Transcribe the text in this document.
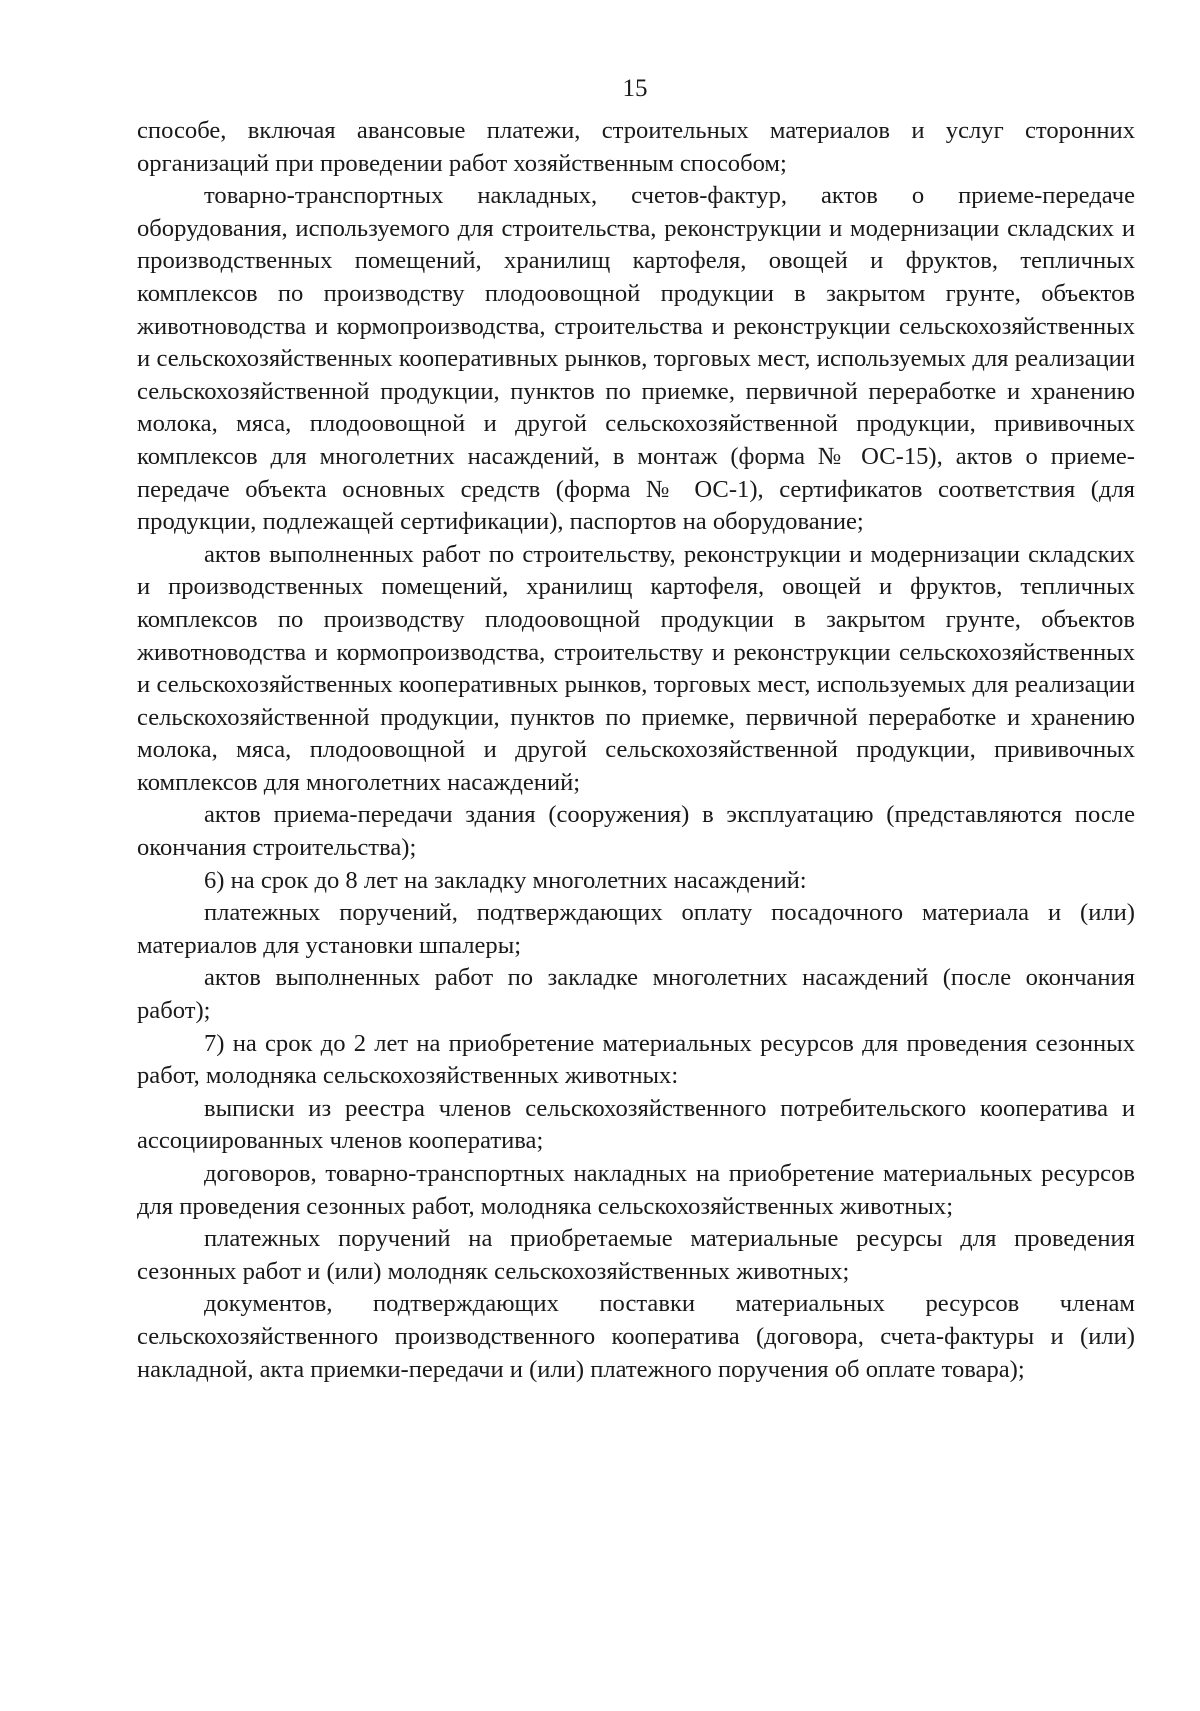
15

способе, включая авансовые платежи, строительных материалов и услуг сторонних организаций при проведении работ хозяйственным способом;

товарно-транспортных накладных, счетов-фактур, актов о приеме-передаче оборудования, используемого для строительства, реконструкции и модернизации складских и производственных помещений, хранилищ картофеля, овощей и фруктов, тепличных комплексов по производству плодоовощной продукции в закрытом грунте, объектов животноводства и кормопроизводства, строительства и реконструкции сельскохозяйственных и сельскохозяйственных кооперативных рынков, торговых мест, используемых для реализации сельскохозяйственной продукции, пунктов по приемке, первичной переработке и хранению молока, мяса, плодоовощной и другой сельскохозяйственной продукции, прививочных комплексов для многолетних насаждений, в монтаж (форма № ОС-15), актов о приеме-передаче объекта основных средств (форма № ОС-1), сертификатов соответствия (для продукции, подлежащей сертификации), паспортов на оборудование;

актов выполненных работ по строительству, реконструкции и модернизации складских и производственных помещений, хранилищ картофеля, овощей и фруктов, тепличных комплексов по производству плодоовощной продукции в закрытом грунте, объектов животноводства и кормопроизводства, строительству и реконструкции сельскохозяйственных и сельскохозяйственных кооперативных рынков, торговых мест, используемых для реализации сельскохозяйственной продукции, пунктов по приемке, первичной переработке и хранению молока, мяса, плодоовощной и другой сельскохозяйственной продукции, прививочных комплексов для многолетних насаждений;

актов приема-передачи здания (сооружения) в эксплуатацию (представляются после окончания строительства);

6) на срок до 8 лет на закладку многолетних насаждений:

платежных поручений, подтверждающих оплату посадочного материала и (или) материалов для установки шпалеры;

актов выполненных работ по закладке многолетних насаждений (после окончания работ);

7) на срок до 2 лет на приобретение материальных ресурсов для проведения сезонных работ, молодняка сельскохозяйственных животных:

выписки из реестра членов сельскохозяйственного потребительского кооператива и ассоциированных членов кооператива;

договоров, товарно-транспортных накладных на приобретение материальных ресурсов для проведения сезонных работ, молодняка сельскохозяйственных животных;

платежных поручений на приобретаемые материальные ресурсы для проведения сезонных работ и (или) молодняк сельскохозяйственных животных;

документов, подтверждающих поставки материальных ресурсов членам сельскохозяйственного производственного кооператива (договора, счета-фактуры и (или) накладной, акта приемки-передачи и (или) платежного поручения об оплате товара);
